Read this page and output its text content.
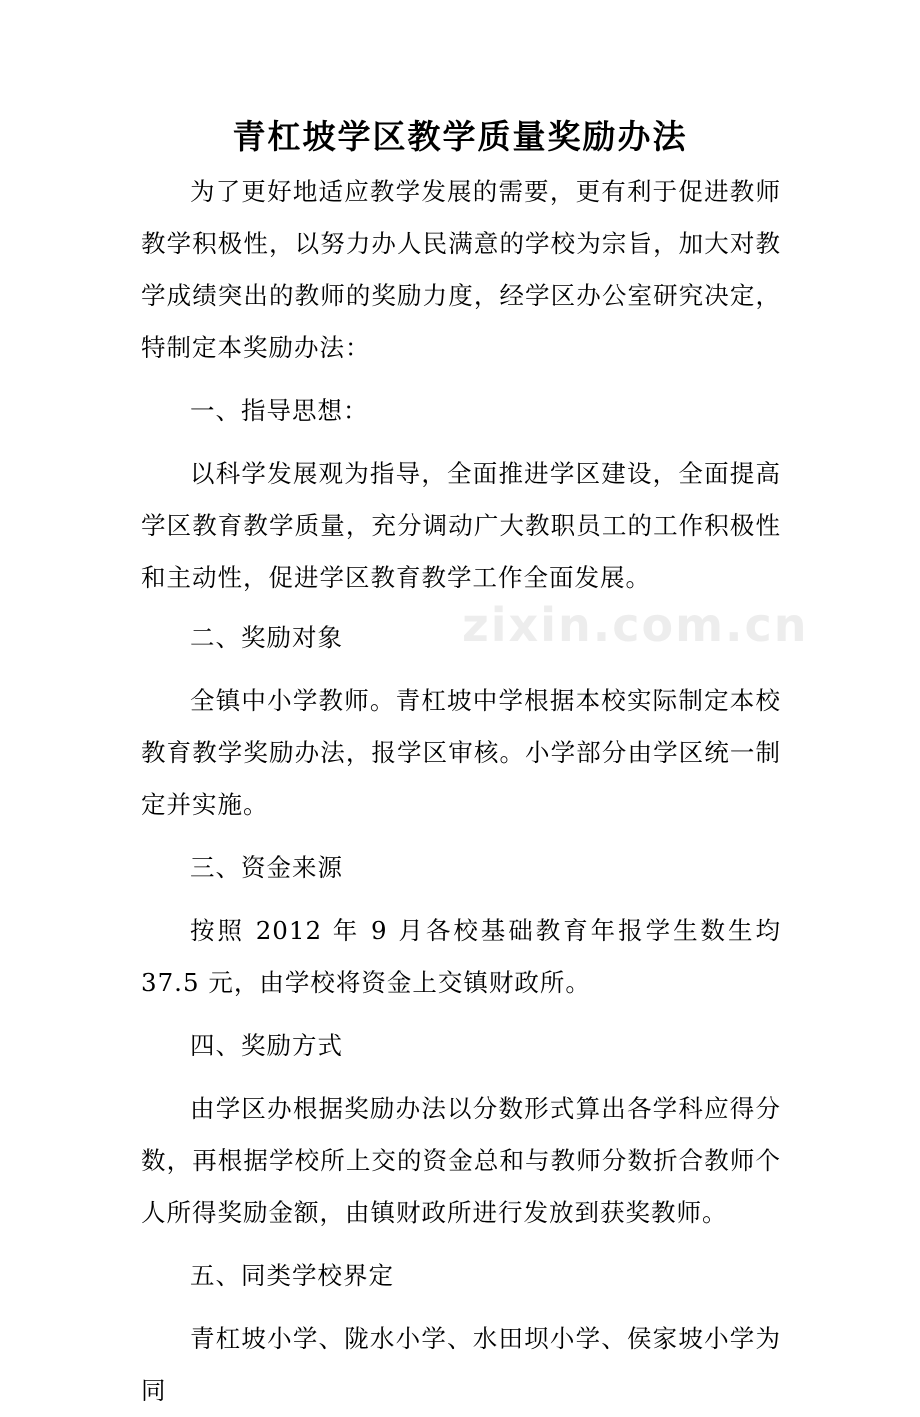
青杠坡学区教学质量奖励办法

为了更好地适应教学发展的需要，更有利于促进教师教学积极性，以努力办人民满意的学校为宗旨，加大对教学成绩突出的教师的奖励力度，经学区办公室研究决定，特制定本奖励办法：

一、指导思想：

以科学发展观为指导，全面推进学区建设，全面提高学区教育教学质量，充分调动广大教职员工的工作积极性和主动性，促进学区教育教学工作全面发展。

二、奖励对象

全镇中小学教师。青杠坡中学根据本校实际制定本校教育教学奖励办法，报学区审核。小学部分由学区统一制定并实施。

三、资金来源

按照 2012 年 9 月各校基础教育年报学生数生均 37.5 元，由学校将资金上交镇财政所。

四、奖励方式

由学区办根据奖励办法以分数形式算出各学科应得分数，再根据学校所上交的资金总和与教师分数折合教师个人所得奖励金额，由镇财政所进行发放到获奖教师。

五、同类学校界定

青杠坡小学、陇水小学、水田坝小学、侯家坡小学为同

zixin.com.cn
